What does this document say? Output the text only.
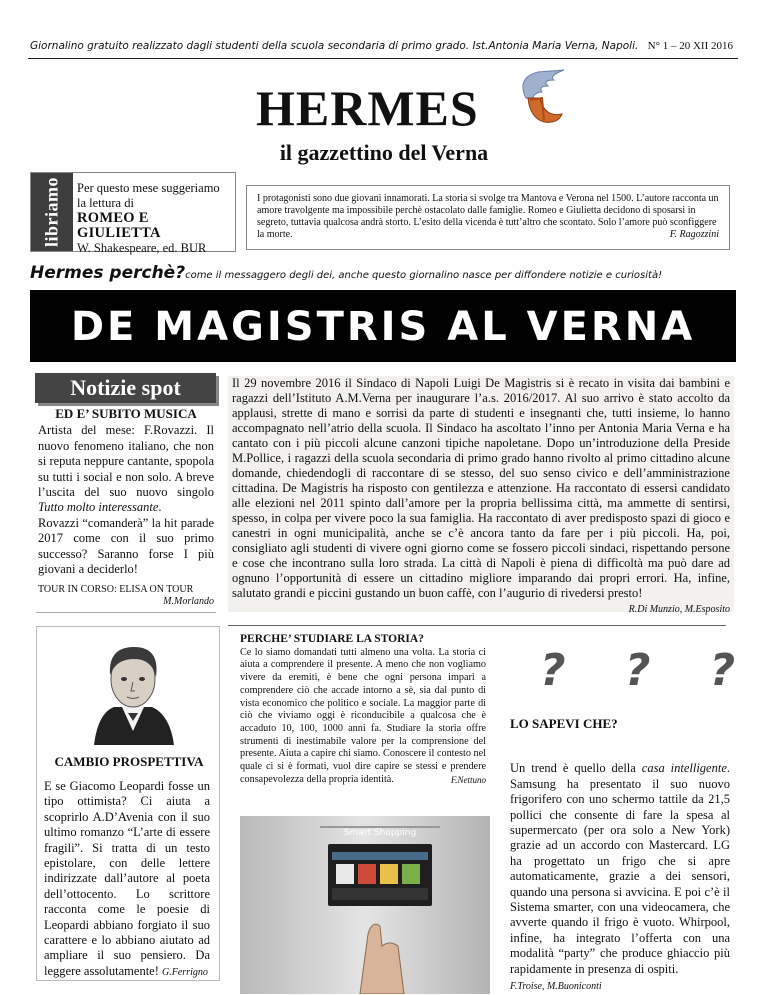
Giornalino gratuito realizzato dagli studenti della scuola secondaria di primo grado. Ist.Antonia Maria Verna, Napoli. N° 1 – 20 XII 2016
HERMES
il gazzettino del Verna
libriamo Per questo mese suggeriamo
la lettura di
ROMEO E GIULIETTA
W. Shakespeare, ed. BUR
I protagonisti sono due giovani innamorati. La storia si svolge tra Mantova e Verona nel 1500. L’autore racconta un amore travolgente ma impossibile perchè ostacolato dalle famiglie. Romeo e Giulietta decidono di sposarsi in segreto, tuttavia qualcosa andrà storto. L’esito della vicenda è tutt’altro che scontato. Solo l’amore può sconfiggere la morte.	F. Ragozzini
Hermes perchè?come il messaggero degli dei, anche questo giornalino nasce per diffondere notizie e curiosità!
DE MAGISTRIS AL VERNA
Notizie spot
ED E’ SUBITO MUSICA
Artista del mese: F.Rovazzi. Il nuovo fenomeno italiano, che non si reputa neppure cantante, spopola su tutti i social e non solo. A breve l’uscita del suo nuovo singolo Tutto molto interessante.
Rovazzi “comanderà” la hit parade 2017 come con il suo primo successo? Saranno forse I più giovani a deciderlo!
TOUR IN CORSO: ELISA ON TOUR
M.Morlando
Il 29 novembre 2016 il Sindaco di Napoli Luigi De Magistris si è recato in visita dai bambini e ragazzi dell’Istituto A.M.Verna per inaugurare l’a.s. 2016/2017. Al suo arrivo è stato accolto da applausi, strette di mano e sorrisi da parte di studenti e insegnanti che, tutti insieme, lo hanno accompagnato nell’atrio della scuola. Il Sindaco ha ascoltato l’inno per Antonia Maria Verna e ha cantato con i più piccoli alcune canzoni tipiche napoletane. Dopo un’introduzione della Preside M.Pollice, i ragazzi della scuola secondaria di primo grado hanno rivolto al primo cittadino alcune domande, chiedendogli di raccontare di se stesso, del suo senso civico e dell’amministrazione cittadina. De Magistris ha risposto con gentilezza e attenzione. Ha raccontato di essersi candidato alle elezioni nel 2011 spinto dall’amore per la propria bellissima città, ma ammette di sentirsi, spesso, in colpa per vivere poco la sua famiglia. Ha raccontato di aver predisposto spazi di gioco e canestri in ogni municipalità, anche se c’è ancora tanto da fare per i più piccoli. Ha, poi, consigliato agli studenti di vivere ogni giorno come se fossero piccoli sindaci, rispettando persone e cose che incontrano sulla loro strada. La città di Napoli è piena di difficoltà ma può dare ad ognuno l’opportunità di essere un cittadino migliore imparando dai propri errori. Ha, infine, salutato grandi e piccini gustando un buon caffè, con l’augurio di rivedersi presto!
R.Di Munzio, M.Esposito
CAMBIO PROSPETTIVA
E se Giacomo Leopardi fosse un tipo ottimista? Ci aiuta a scoprirlo A.D’Avenia con il suo ultimo romanzo “L’arte di essere fragili”. Si tratta di un testo epistolare, con delle lettere indirizzate dall’autore al poeta dell’ottocento. Lo scrittore racconta come le poesie di Leopardi abbiano forgiato il suo carattere e lo abbiano aiutato ad ampliare il suo pensiero. Da leggere assolutamente! G.Ferrigno
PERCHE’ STUDIARE LA STORIA?
Ce lo siamo domandati tutti almeno una volta. La storia ci aiuta a comprendere il presente. A meno che non vogliamo vivere da eremiti, è bene che ogni persona impari a comprendere ciò che accade intorno a sè, sia dal punto di vista economico che politico e sociale. La maggior parte di ciò che viviamo oggi è riconducibile a qualcosa che è accaduto 10, 100, 1000 anni fa. Studiare la storia offre strumenti di inestimabile valore per la comprensione del presente. Aiuta a capire chi siamo. Conoscere il contesto nel quale ci si è formati, vuol dire capire se stessi e prendere consapevolezza della propria identità.	F.Nettuno
Smart Shopping
? ? ?
LO SAPEVI CHE?
Un trend è quello della casa intelligente. Samsung ha presentato il suo nuovo frigorifero con uno schermo tattile da 21,5 pollici che consente di fare la spesa al supermercato (per ora solo a New York) grazie ad un accordo con Mastercard. LG ha progettato un frigo che si apre automaticamente, grazie a dei sensori, quando una persona si avvicina. E poi c’è il Sistema smarter, con una videocamera, che avverte quando il frigo è vuoto. Whirpool, infine, ha integrato l’offerta con una modalità “party” che produce ghiaccio più rapidamente in presenza di ospiti.
F.Troise, M.Buoniconti
